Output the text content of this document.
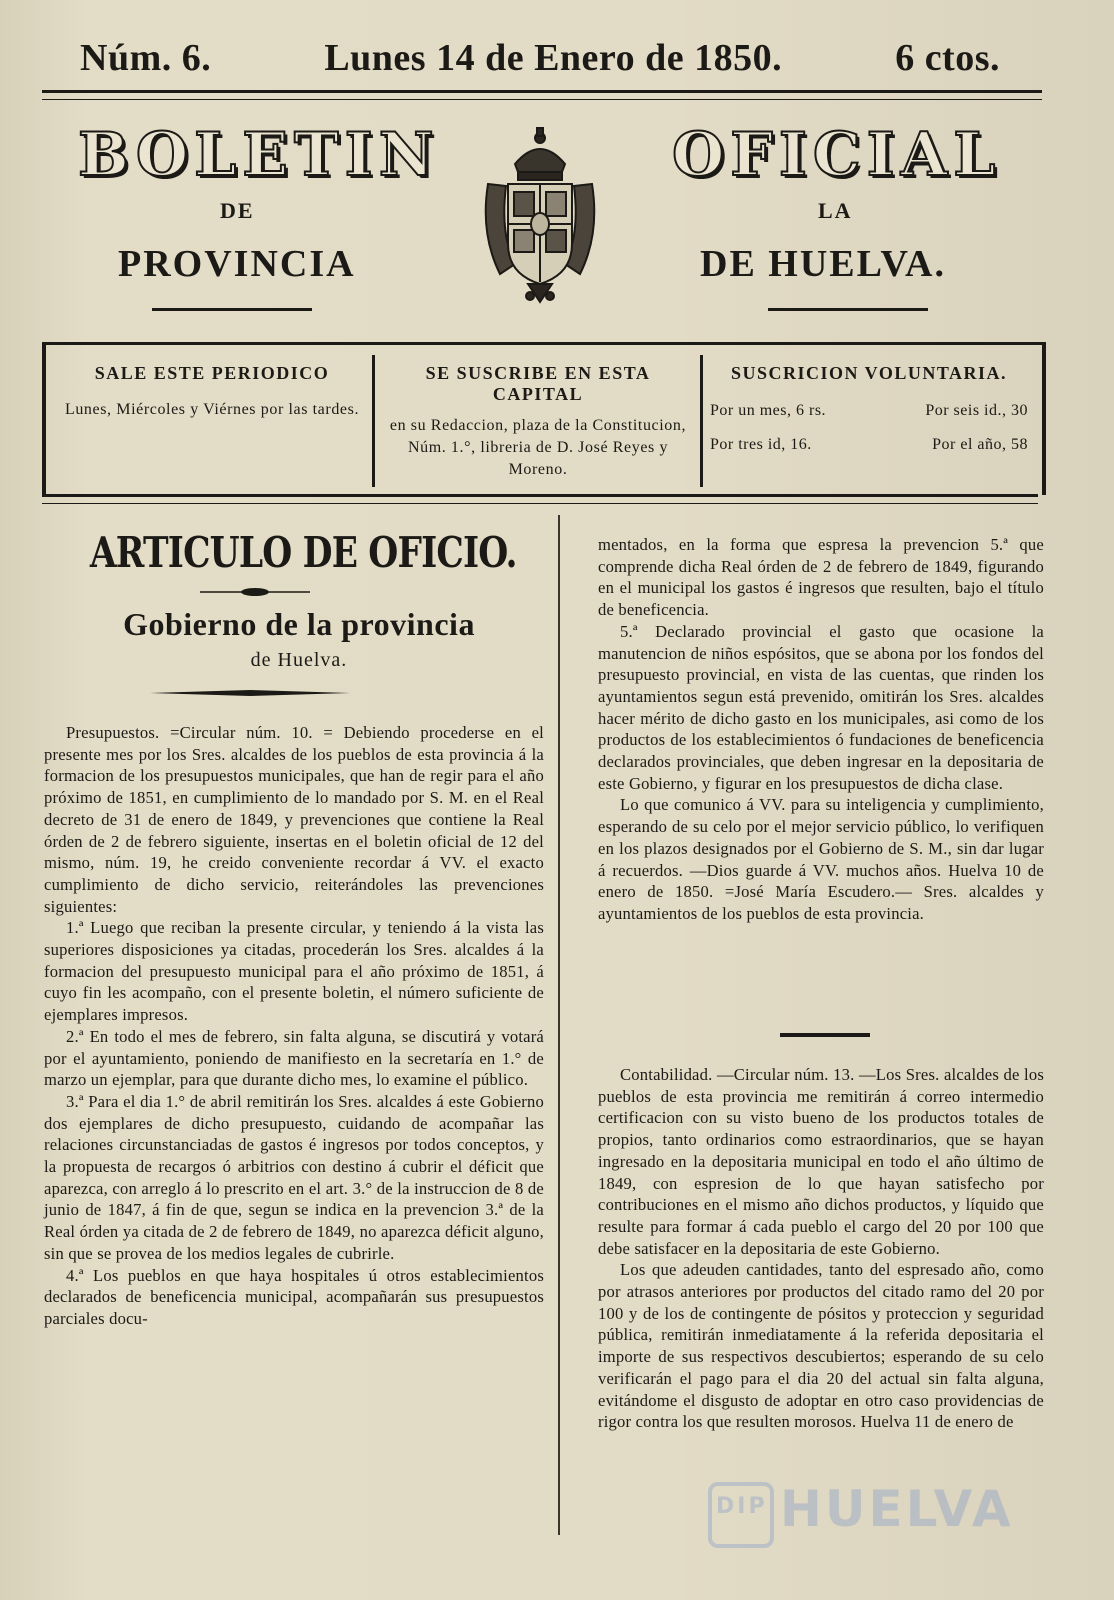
Núm. 6.	Lunes 14 de Enero de 1850.	6 ctos.
BOLETIN	OFICIAL
DE	LA
PROVINCIA	DE HUELVA.
SALE ESTE PERIODICO

Lunes, Miércoles y Viérnes por las tardes.

SE SUSCRIBE EN ESTA CAPITAL

en su Redaccion, plaza de la Constitucion, Núm. 1.°, libreria de D. José Reyes y Moreno.

SUSCRICION VOLUNTARIA.
Por un mes, 6 rs.	Por seis id., 30
Por tres id, 16.	Por el año, 58
ARTICULO DE OFICIO.
Gobierno de la provincia
de Huelva.

Presupuestos. =Circular núm. 10. = Debiendo procederse en el presente mes por los Sres. alcaldes de los pueblos de esta provincia á la formacion de los presupuestos municipales, que han de regir para el año próximo de 1851, en cumplimiento de lo mandado por S. M. en el Real decreto de 31 de enero de 1849, y prevenciones que contiene la Real órden de 2 de febrero siguiente, insertas en el boletin oficial de 12 del mismo, núm. 19, he creido conveniente recordar á VV. el exacto cumplimiento de dicho servicio, reiterándoles las prevenciones siguientes:

1.ª Luego que reciban la presente circular, y teniendo á la vista las superiores disposiciones ya citadas, procederán los Sres. alcaldes á la formacion del presupuesto municipal para el año próximo de 1851, á cuyo fin les acompaño, con el presente boletin, el número suficiente de ejemplares impresos.

2.ª En todo el mes de febrero, sin falta alguna, se discutirá y votará por el ayuntamiento, poniendo de manifiesto en la secretaría en 1.° de marzo un ejemplar, para que durante dicho mes, lo examine el público.

3.ª Para el dia 1.° de abril remitirán los Sres. alcaldes á este Gobierno dos ejemplares de dicho presupuesto, cuidando de acompañar las relaciones circunstanciadas de gastos é ingresos por todos conceptos, y la propuesta de recargos ó arbitrios con destino á cubrir el déficit que aparezca, con arreglo á lo prescrito en el art. 3.° de la instruccion de 8 de junio de 1847, á fin de que, segun se indica en la prevencion 3.ª de la Real órden ya citada de 2 de febrero de 1849, no aparezca déficit alguno, sin que se provea de los medios legales de cubrirle.

4.ª Los pueblos en que haya hospitales ú otros establecimientos declarados de beneficencia municipal, acompañarán sus presupuestos parciales docu-

mentados, en la forma que espresa la prevencion 5.ª que comprende dicha Real órden de 2 de febrero de 1849, figurando en el municipal los gastos é ingresos que resulten, bajo el título de beneficencia.

5.ª Declarado provincial el gasto que ocasione la manutencion de niños espósitos, que se abona por los fondos del presupuesto provincial, en vista de las cuentas, que rinden los ayuntamientos segun está prevenido, omitirán los Sres. alcaldes hacer mérito de dicho gasto en los municipales, asi como de los productos de los establecimientos ó fundaciones de beneficencia declarados provinciales, que deben ingresar en la depositaria de este Gobierno, y figurar en los presupuestos de dicha clase.

Lo que comunico á VV. para su inteligencia y cumplimiento, esperando de su celo por el mejor servicio público, lo verifiquen en los plazos designados por el Gobierno de S. M., sin dar lugar á recuerdos. —Dios guarde á VV. muchos años. Huelva 10 de enero de 1850. =José María Escudero.— Sres. alcaldes y ayuntamientos de los pueblos de esta provincia.

Contabilidad. —Circular núm. 13. —Los Sres. alcaldes de los pueblos de esta provincia me remitirán á correo intermedio certificacion con su visto bueno de los productos totales de propios, tanto ordinarios como estraordinarios, que se hayan ingresado en la depositaria municipal en todo el año último de 1849, con espresion de lo que hayan satisfecho por contribuciones en el mismo año dichos productos, y líquido que resulte para formar á cada pueblo el cargo del 20 por 100 que debe satisfacer en la depositaria de este Gobierno.

Los que adeuden cantidades, tanto del espresado año, como por atrasos anteriores por productos del citado ramo del 20 por 100 y de los de contingente de pósitos y proteccion y seguridad pública, remitirán inmediatamente á la referida depositaria el importe de sus respectivos descubiertos; esperando de su celo verificarán el pago para el dia 20 del actual sin falta alguna, evitándome el disgusto de adoptar en otro caso providencias de rigor contra los que resulten morosos. Huelva 11 de enero de

DIP HUELVA
